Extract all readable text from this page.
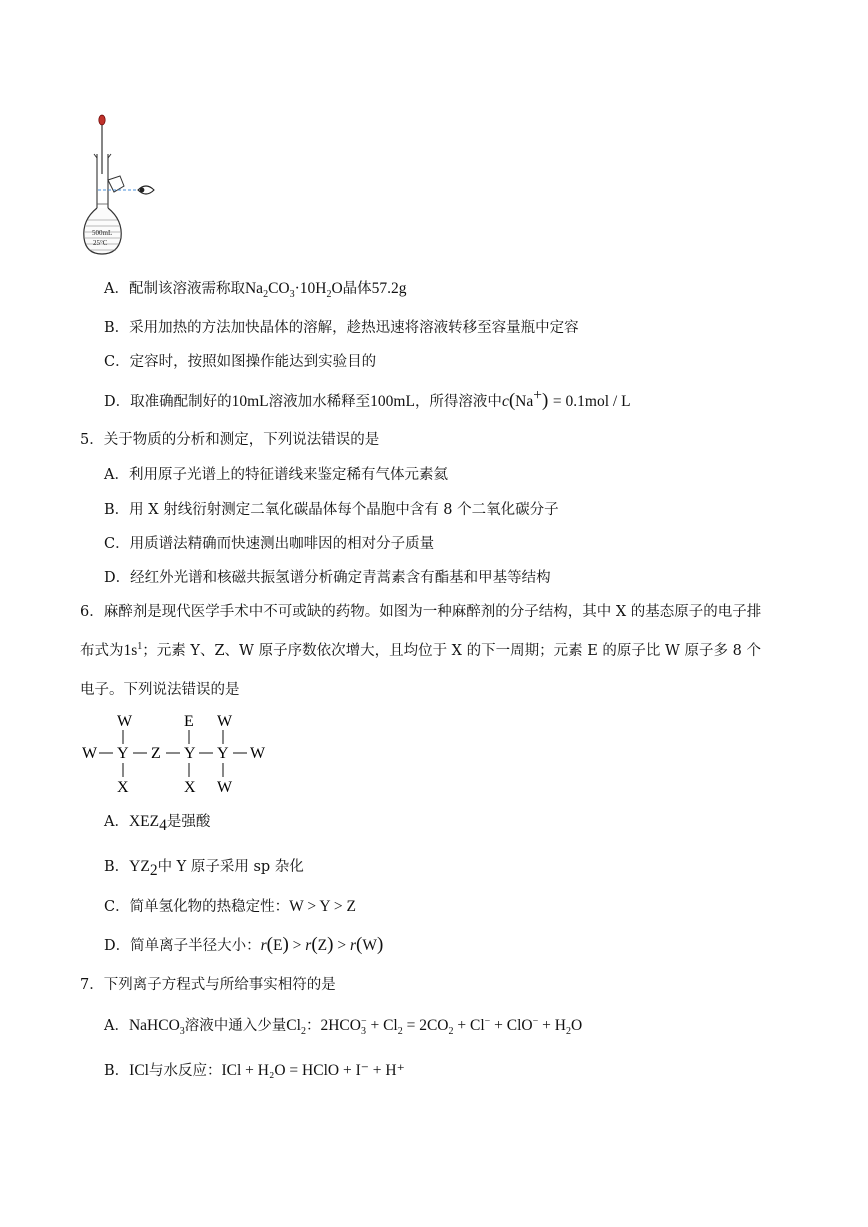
500mL
25°C
A．配制该溶液需称取$Na_2CO_3\cdot 10H_2O$晶体57.2g
B．采用加热的方法加快晶体的溶解，趁热迅速将溶液转移至容量瓶中定容
C．定容时，按照如图操作能达到实验目的
D．取准确配制好的10mL溶液加水稀释至100mL，所得溶液中c(Na+) = 0.1mol / L
5．关于物质的分析和测定，下列说法错误的是
A．利用原子光谱上的特征谱线来鉴定稀有气体元素氦
B．用 X 射线衍射测定二氧化碳晶体每个晶胞中含有 8 个二氧化碳分子
C．用质谱法精确而快速测出咖啡因的相对分子质量
D．经红外光谱和核磁共振氢谱分析确定青蒿素含有酯基和甲基等结构
6．麻醉剂是现代医学手术中不可或缺的药物。如图为一种麻醉剂的分子结构，其中 X 的基态原子的电子排
布式为$1s^1$；元素 Y、Z、W 原子序数依次增大，且均位于 X 的下一周期；元素 E 的原子比 W 原子多 8 个
电子。下列说法错误的是
W	E W
W Y Z Y Y W
X	X W
A．$XEZ_4$是强酸
B．$YZ_2$中 Y 原子采用 sp 杂化
C．简单氢化物的热稳定性：W > Y > Z
D．简单离子半径大小：r(E) > r(Z) > r(W)
7．下列离子方程式与所给事实相符的是
A．NaHCO$_3$溶液中通入少量$Cl_2$：$2HCO_3^- + Cl_2 = 2CO_2 + Cl^- + ClO^- + H_2O$
B．ICl与水反应：ICl + H₂O = HClO + I⁻ + H⁺
